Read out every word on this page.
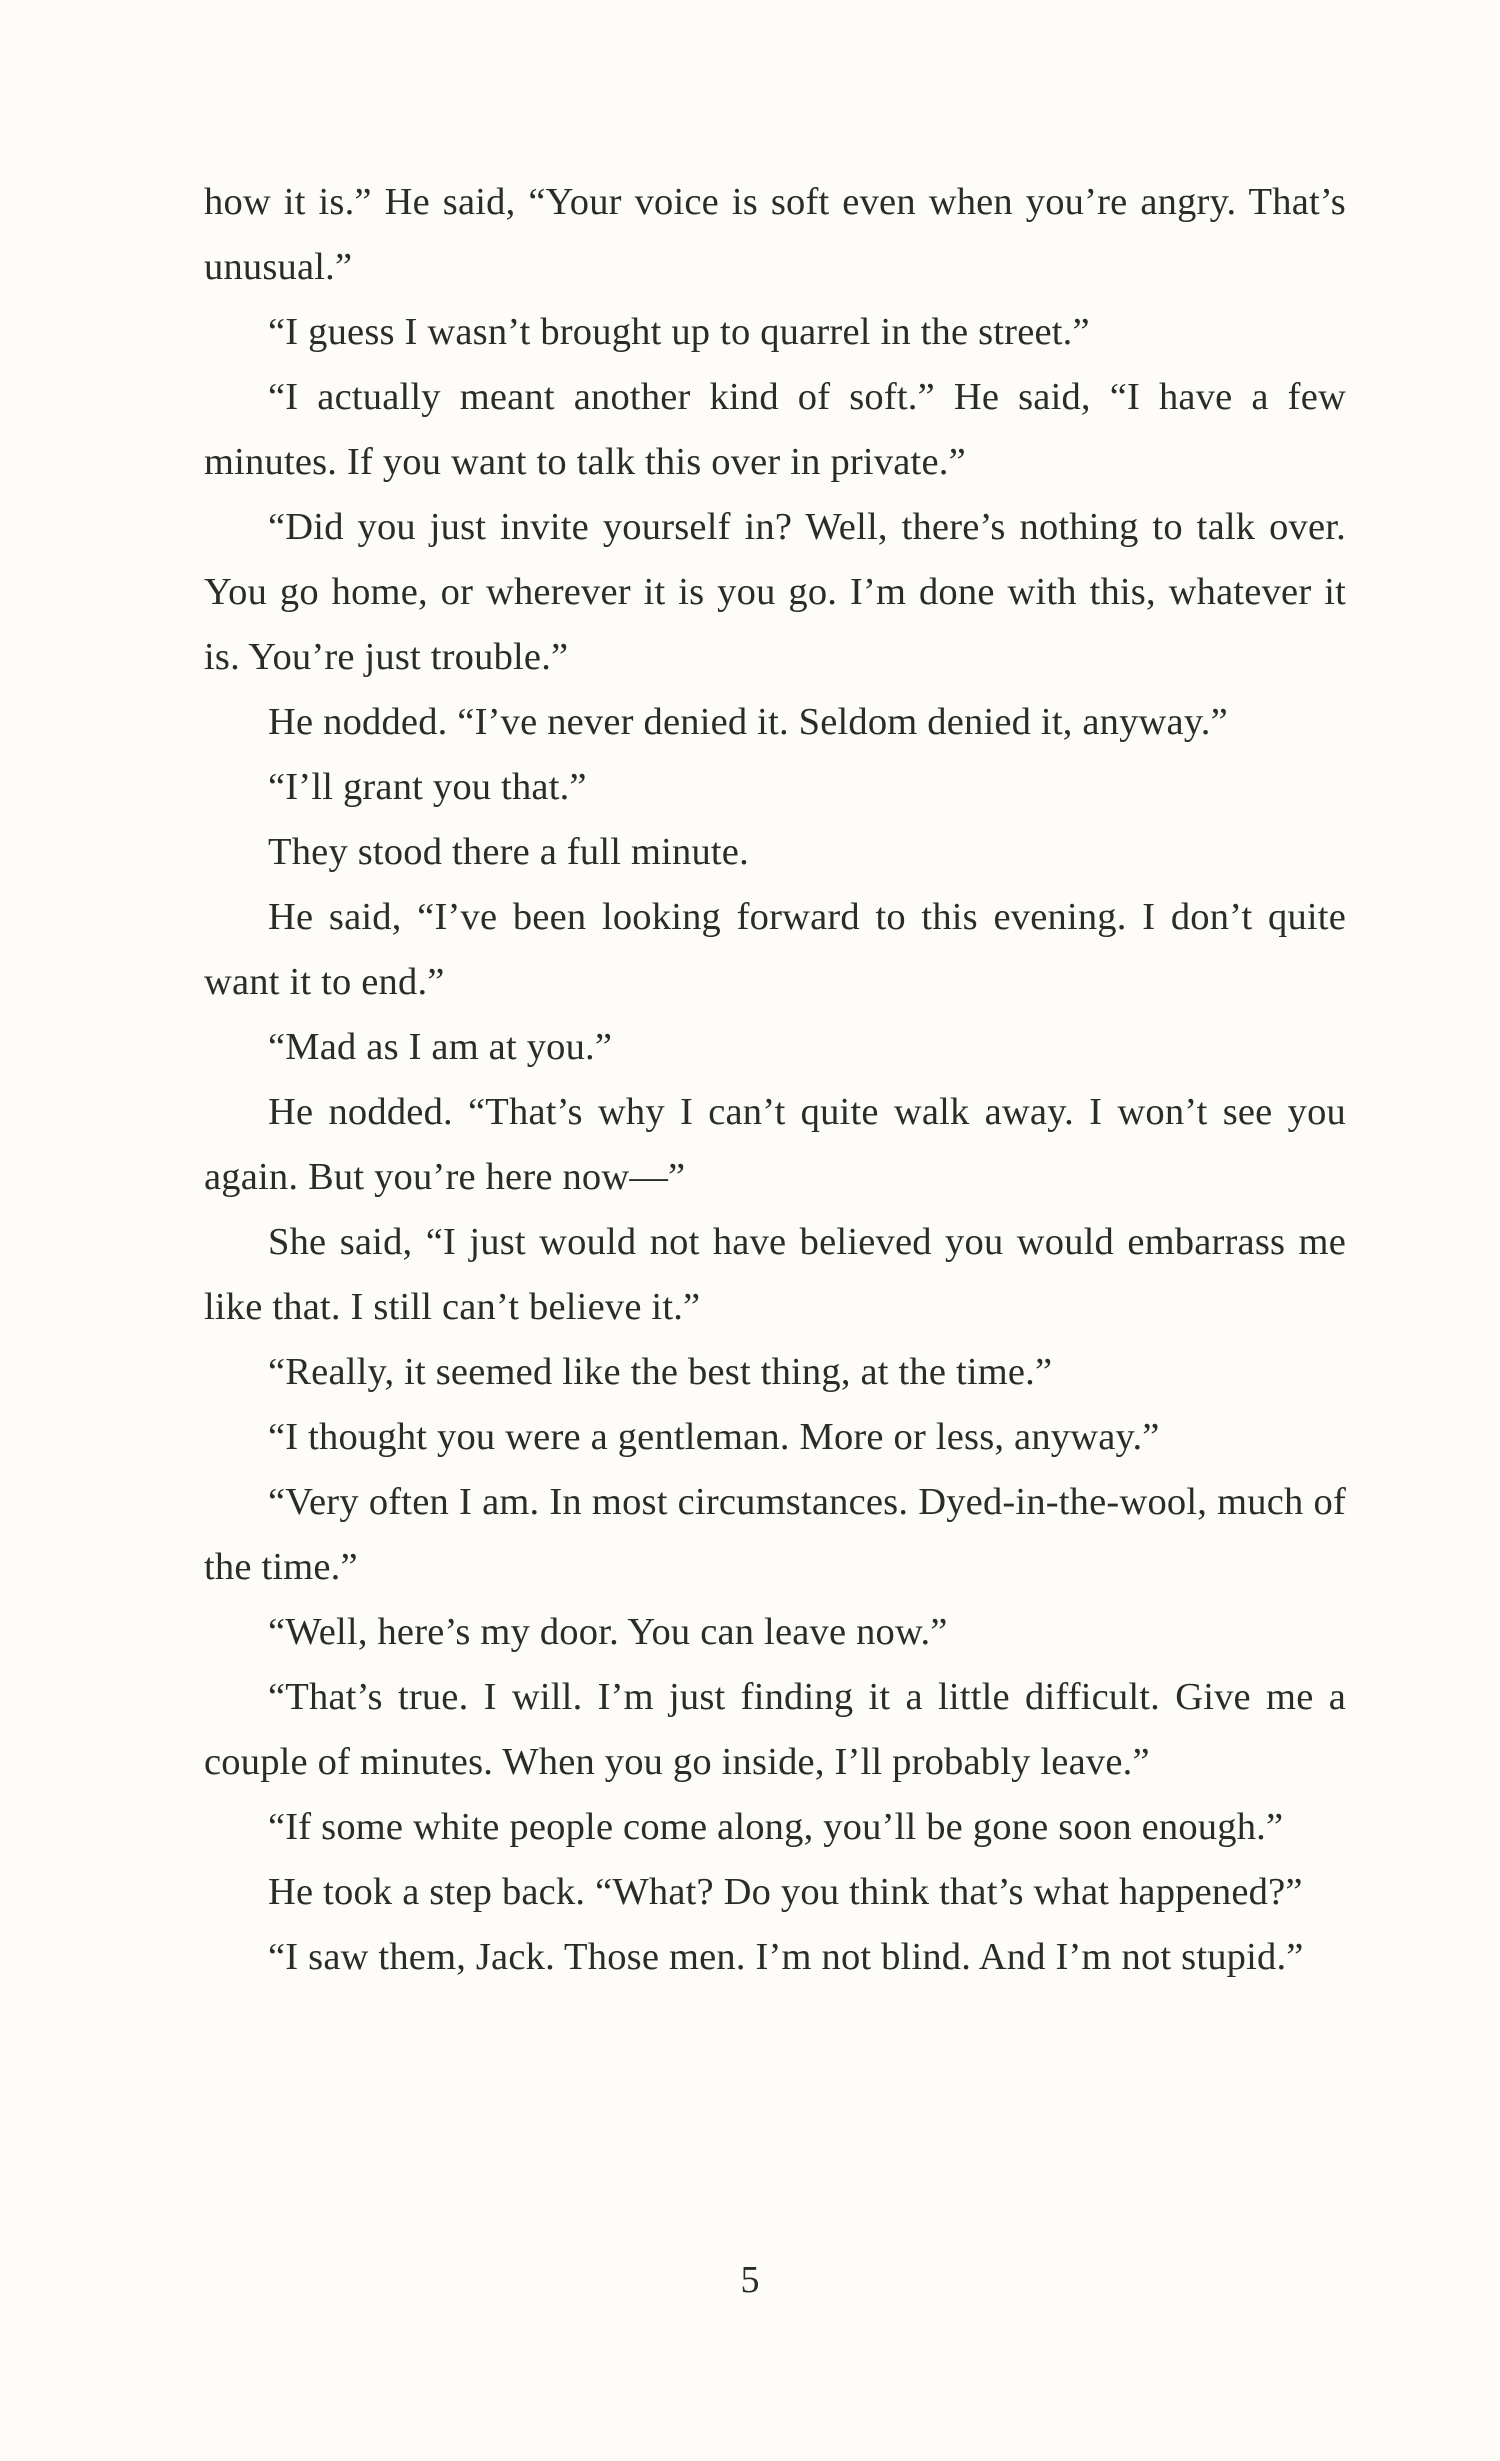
how it is.” He said, “Your voice is soft even when you’re angry. That’s unusual.”

“I guess I wasn’t brought up to quarrel in the street.”

“I actually meant another kind of soft.” He said, “I have a few minutes. If you want to talk this over in private.”

“Did you just invite yourself in? Well, there’s nothing to talk over. You go home, or wherever it is you go. I’m done with this, whatever it is. You’re just trouble.”

He nodded. “I’ve never denied it. Seldom denied it, anyway.”

“I’ll grant you that.”

They stood there a full minute.

He said, “I’ve been looking forward to this evening. I don’t quite want it to end.”

“Mad as I am at you.”

He nodded. “That’s why I can’t quite walk away. I won’t see you again. But you’re here now—”

She said, “I just would not have believed you would embarrass me like that. I still can’t believe it.”

“Really, it seemed like the best thing, at the time.”

“I thought you were a gentleman. More or less, anyway.”

“Very often I am. In most circumstances. Dyed-in-the-wool, much of the time.”

“Well, here’s my door. You can leave now.”

“That’s true. I will. I’m just finding it a little difficult. Give me a couple of minutes. When you go inside, I’ll probably leave.”

“If some white people come along, you’ll be gone soon enough.”

He took a step back. “What? Do you think that’s what happened?”

“I saw them, Jack. Those men. I’m not blind. And I’m not stupid.”

5
